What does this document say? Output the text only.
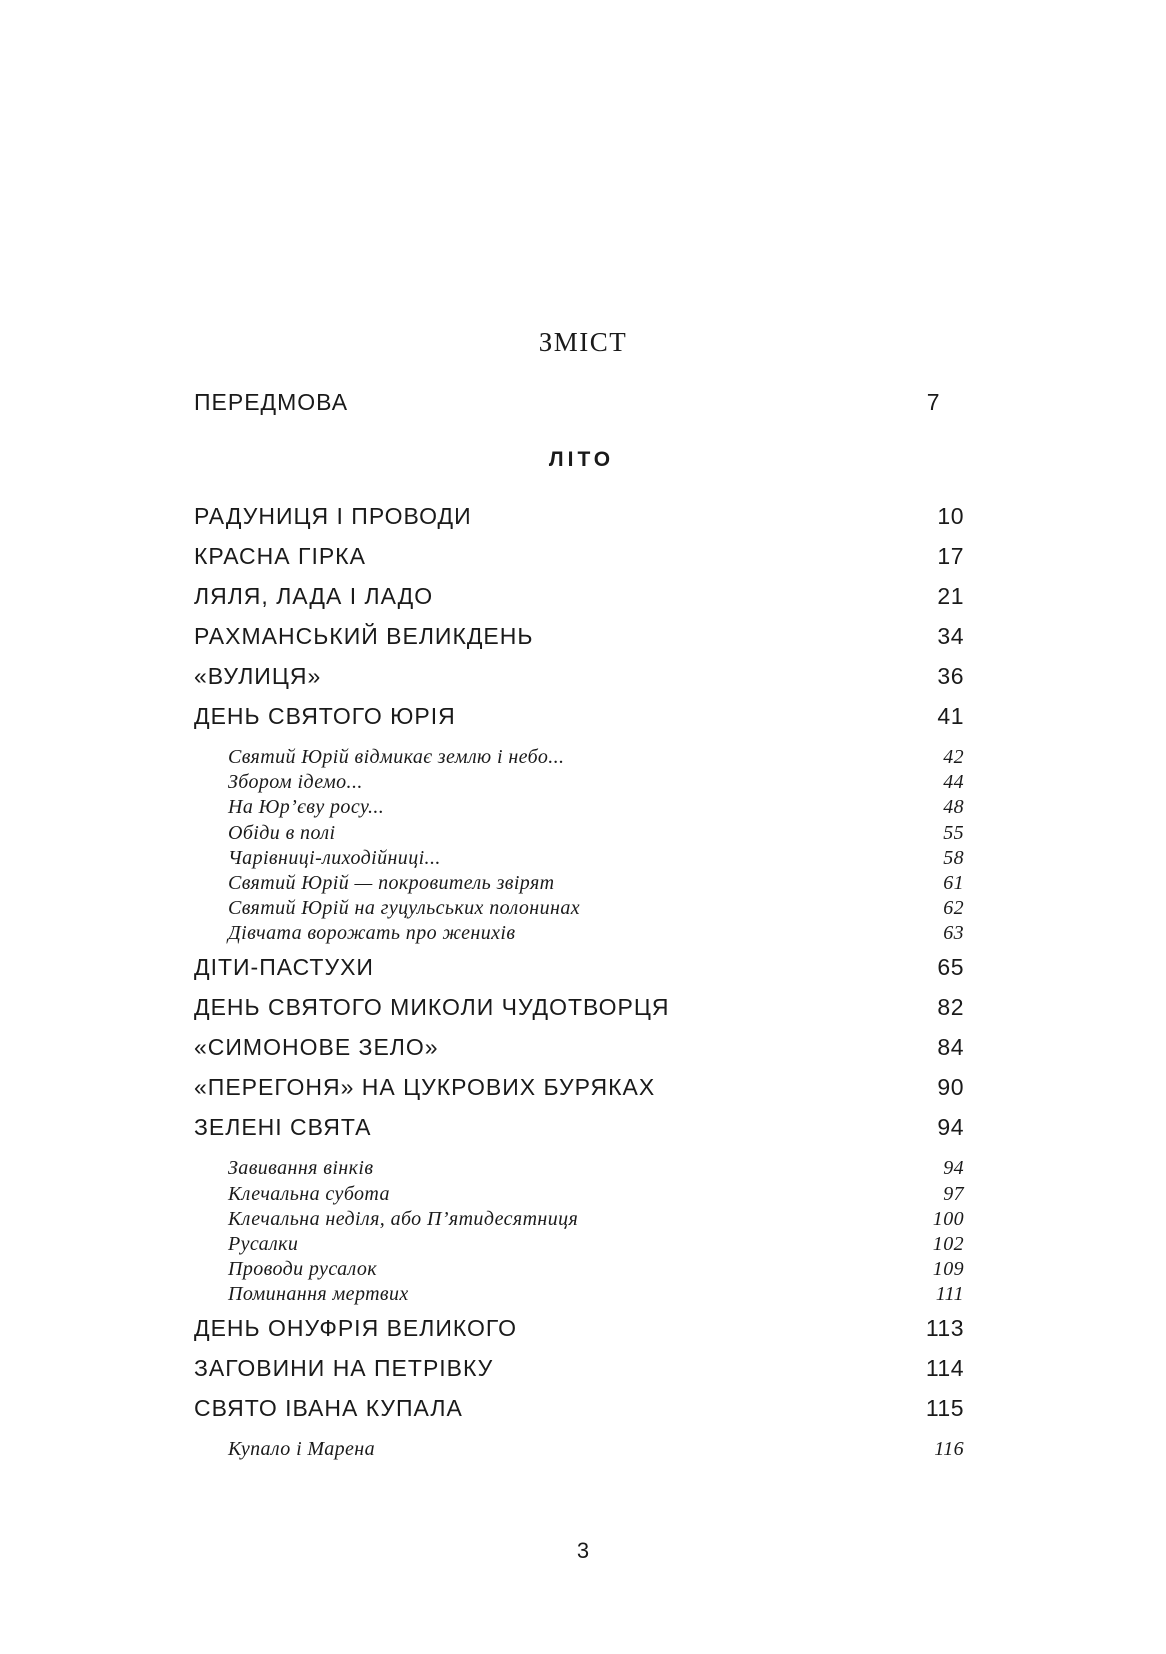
ЗМІСТ
ПЕРЕДМОВА	7
ЛІТО
РАДУНИЦЯ І ПРОВОДИ	10
КРАСНА ГІРКА	17
ЛЯЛЯ, ЛАДА І ЛАДО	21
РАХМАНСЬКИЙ ВЕЛИКДЕНЬ	34
«ВУЛИЦЯ»	36
ДЕНЬ СВЯТОГО ЮРІЯ	41
Святий Юрій відмикає землю і небо...	42
Збором ідемо...	44
На Юр’єву росу...	48
Обіди в полі	55
Чарівниці-лиходійниці...	58
Святий Юрій — покровитель звірят	61
Святий Юрій на гуцульських полонинах	62
Дівчата ворожать про женихів	63
ДІТИ-ПАСТУХИ	65
ДЕНЬ СВЯТОГО МИКОЛИ ЧУДОТВОРЦЯ	82
«СИМОНОВЕ ЗЕЛО»	84
«ПЕРЕГОНЯ» НА ЦУКРОВИХ БУРЯКАХ	90
ЗЕЛЕНІ СВЯТА	94
Завивання вінків	94
Клечальна субота	97
Клечальна неділя, або П’ятидесятниця	100
Русалки	102
Проводи русалок	109
Поминання мертвих	111
ДЕНЬ ОНУФРІЯ ВЕЛИКОГО	113
ЗАГОВИНИ НА ПЕТРІВКУ	114
СВЯТО ІВАНА КУПАЛА	115
Купало і Марена	116
3
